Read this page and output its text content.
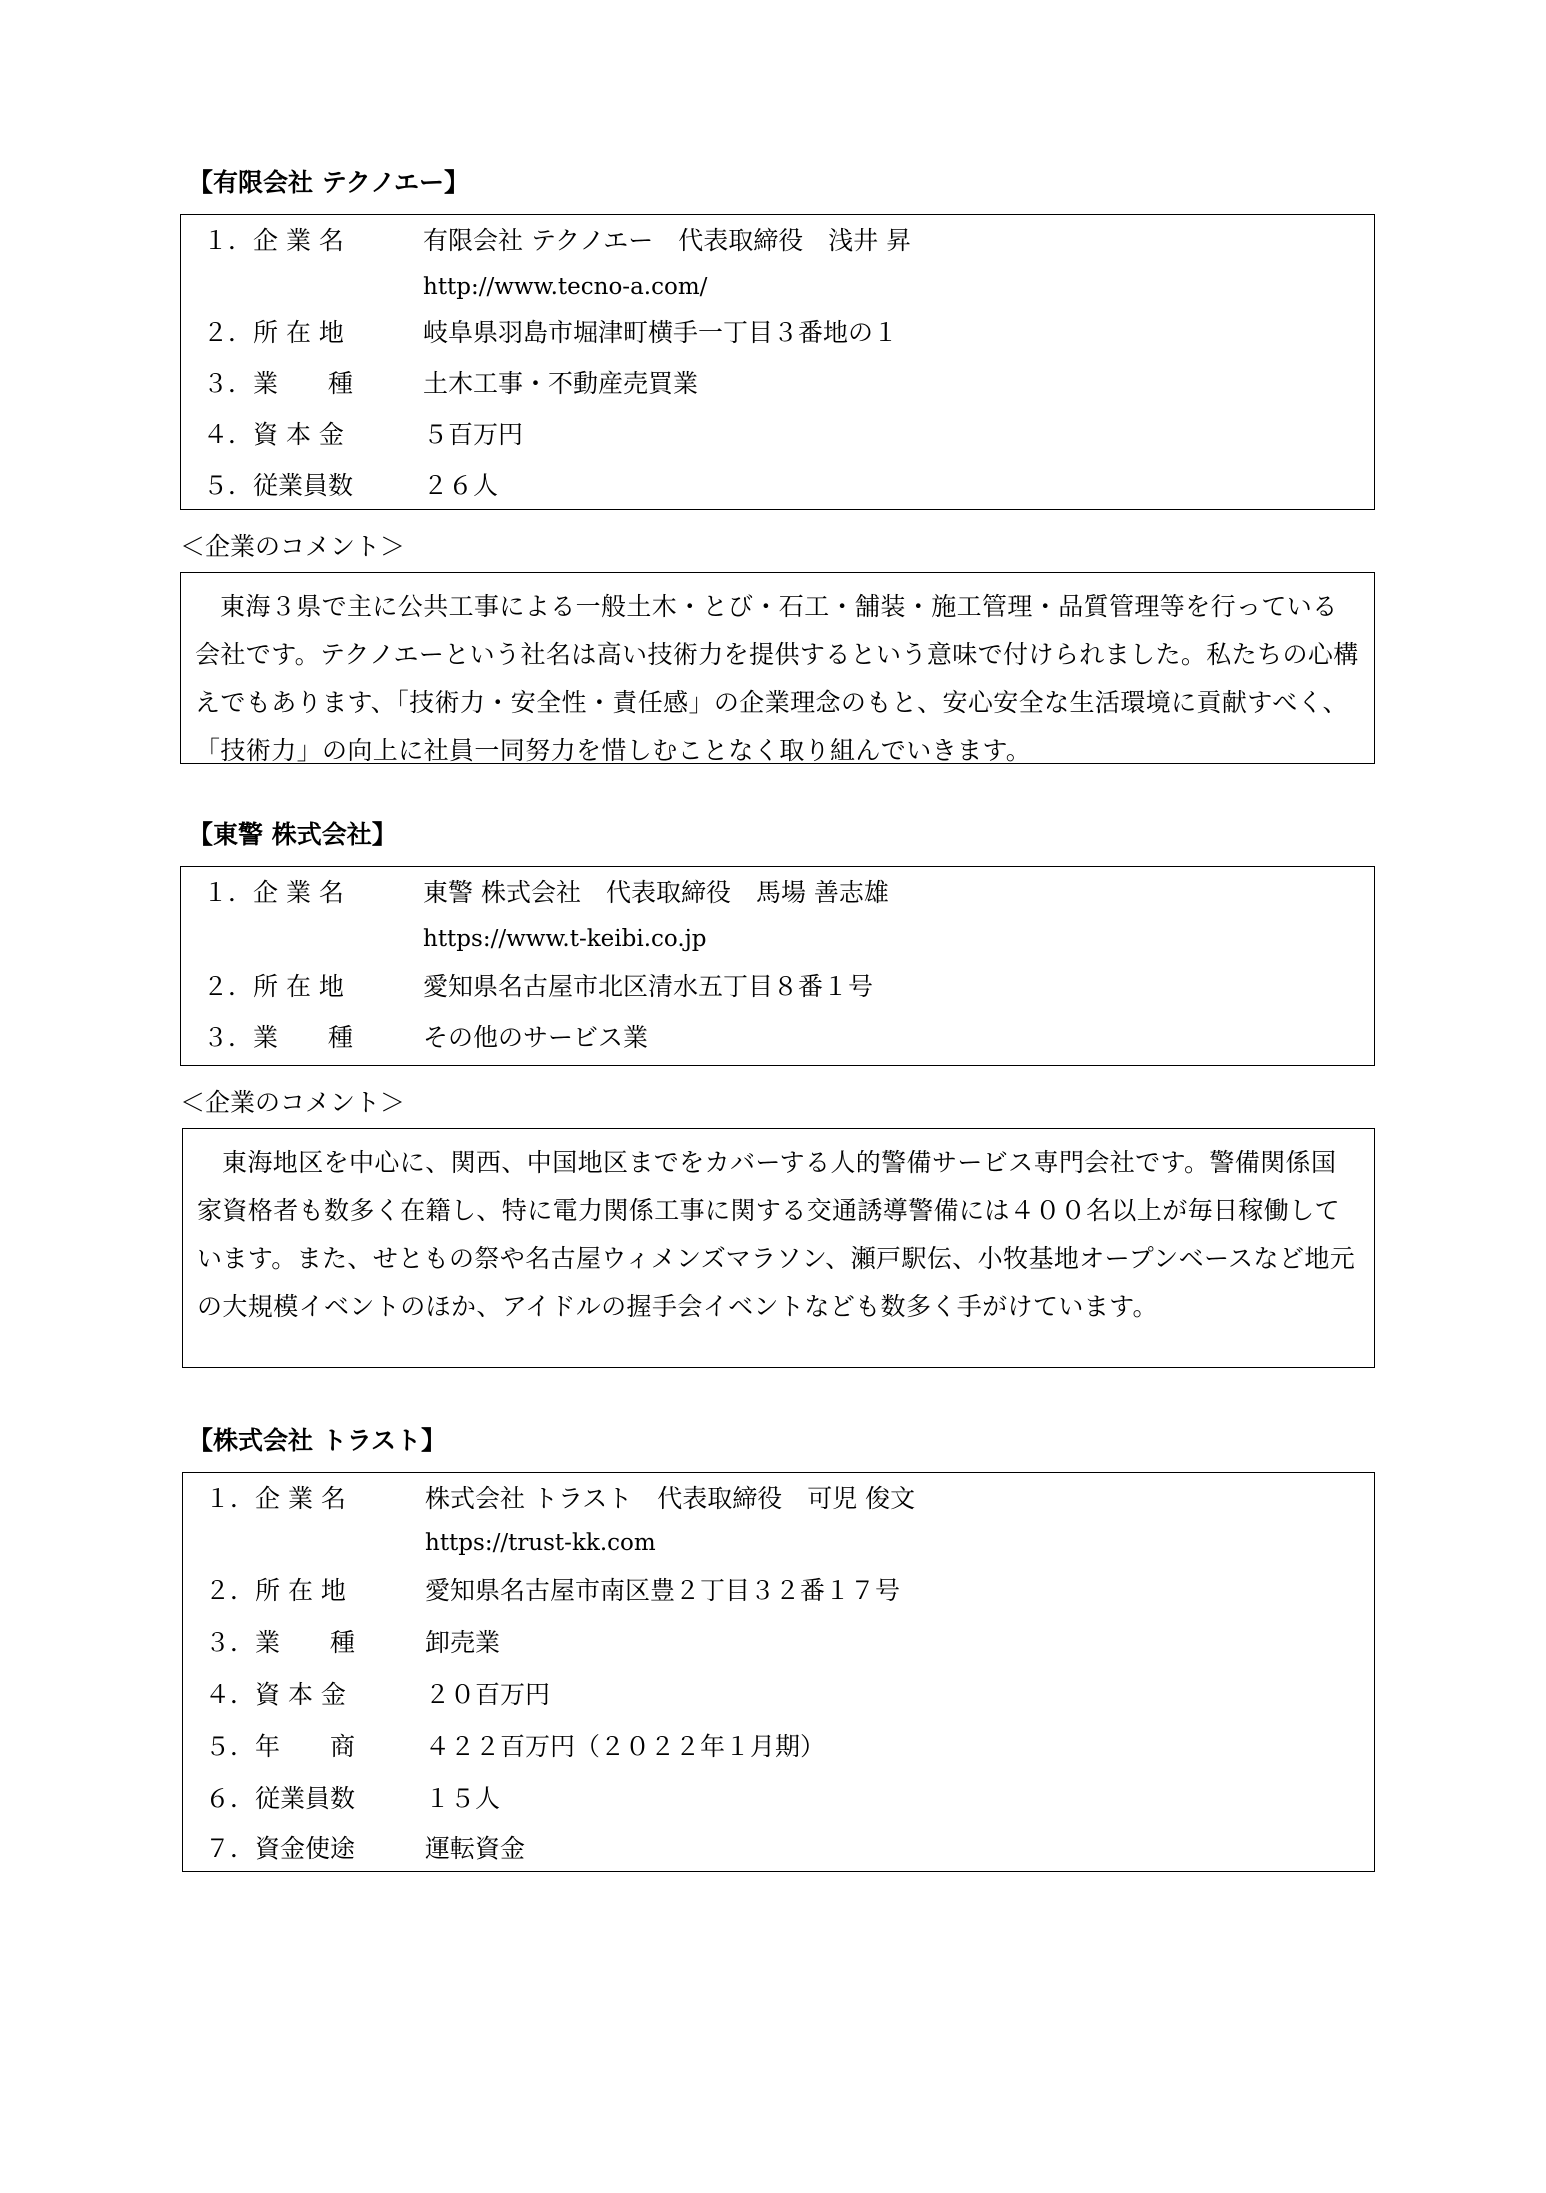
【有限会社 テクノエー】
１．企 業 名	有限会社 テクノエー　代表取締役　浅井 昇
http://www.tecno-a.com/
２．所 在 地	岐阜県羽島市堀津町横手一丁目３番地の１
３．業　　種	土木工事・不動産売買業
４．資 本 金	５百万円
５．従業員数	２６人
＜企業のコメント＞
東海３県で主に公共工事による一般土木・とび・石工・舗装・施工管理・品質管理等を行っている会社です。テクノエーという社名は高い技術力を提供するという意味で付けられました。私たちの心構えでもあります、「技術力・安全性・責任感」の企業理念のもと、安心安全な生活環境に貢献すべく、「技術力」の向上に社員一同努力を惜しむことなく取り組んでいきます。
【東警 株式会社】
１．企 業 名	東警 株式会社　代表取締役　馬場 善志雄
https://www.t-keibi.co.jp
２．所 在 地	愛知県名古屋市北区清水五丁目８番１号
３．業　　種	その他のサービス業
＜企業のコメント＞
東海地区を中心に、関西、中国地区までをカバーする人的警備サービス専門会社です。警備関係国家資格者も数多く在籍し、特に電力関係工事に関する交通誘導警備には４００名以上が毎日稼働しています。また、せともの祭や名古屋ウィメンズマラソン、瀬戸駅伝、小牧基地オープンベースなど地元の大規模イベントのほか、アイドルの握手会イベントなども数多く手がけています。
【株式会社 トラスト】
１．企 業 名	株式会社 トラスト　代表取締役　可児 俊文
https://trust-kk.com
２．所 在 地	愛知県名古屋市南区豊２丁目３２番１７号
３．業　　種	卸売業
４．資 本 金	２０百万円
５．年　　商	４２２百万円（２０２２年１月期）
６．従業員数	１５人
７．資金使途	運転資金
